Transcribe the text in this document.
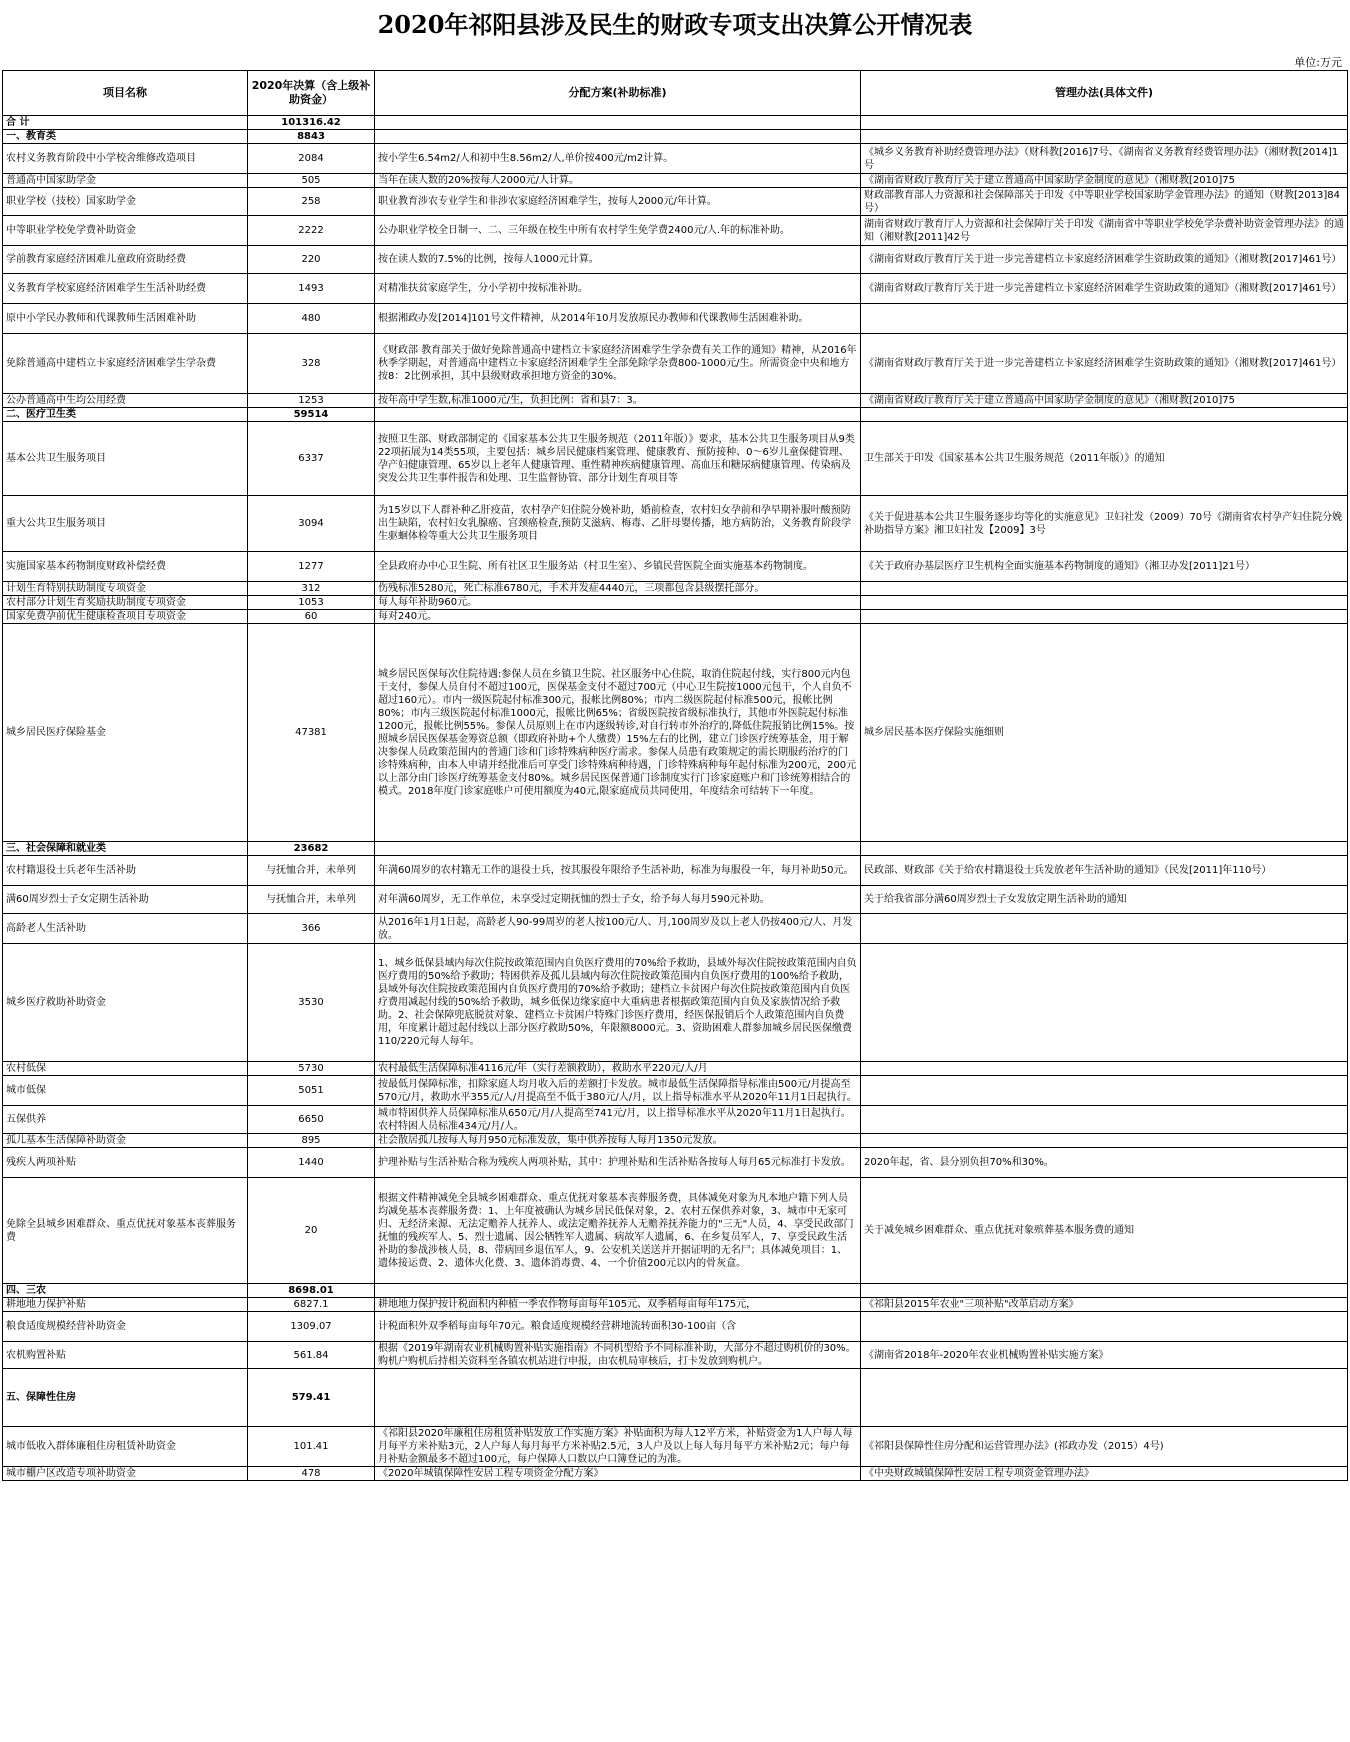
2020年祁阳县涉及民生的财政专项支出决算公开情况表
单位:万元
项目名称	2020年决算（含上级补助资金）	分配方案(补助标准)	管理办法(具体文件)
合 计	101316.42		
一、教育类	8843		
农村义务教育阶段中小学校舍维修改造项目	2084	按小学生6.54m2/人和初中生8.56m2/人,单价按400元/m2计算。	《城乡义务教育补助经费管理办法》（财科教[2016]7号、《湖南省义务教育经费管理办法》（湘财教[2014]1号
普通高中国家助学金	505	当年在读人数的20%按每人2000元/人计算。	《湖南省财政厅教育厅关于建立普通高中国家助学金制度的意见》（湘财教[2010]75
职业学校（技校）国家助学金	258	职业教育涉农专业学生和非涉农家庭经济困难学生，按每人2000元/年计算。	财政部教育部人力资源和社会保障部关于印发《中等职业学校国家助学金管理办法》的通知（财教[2013]84号）
中等职业学校免学费补助资金	2222	公办职业学校全日制一、二、三年级在校生中所有农村学生免学费2400元/人.年的标准补助。	湖南省财政厅教育厅人力资源和社会保障厅关于印发《湖南省中等职业学校免学杂费补助资金管理办法》的通知（湘财教[2011]42号
学前教育家庭经济困难儿童政府资助经费	220	按在读人数的7.5%的比例，按每人1000元计算。	《湖南省财政厅教育厅关于进一步完善建档立卡家庭经济困难学生资助政策的通知》（湘财教[2017]461号）
义务教育学校家庭经济困难学生生活补助经费	1493	对精准扶贫家庭学生，分小学初中按标准补助。	《湖南省财政厅教育厅关于进一步完善建档立卡家庭经济困难学生资助政策的通知》（湘财教[2017]461号）
原中小学民办教师和代课教师生活困难补助	480	根据湘政办发[2014]101号文件精神，从2014年10月发放原民办教师和代课教师生活困难补助。	
免除普通高中建档立卡家庭经济困难学生学杂费	328	《财政部 教育部关于做好免除普通高中建档立卡家庭经济困难学生学杂费有关工作的通知》精神，从2016年秋季学期起，对普通高中建档立卡家庭经济困难学生全部免除学杂费800-1000元/生。所需资金中央和地方按8：2比例承担，其中县级财政承担地方资金的30%。	《湖南省财政厅教育厅关于进一步完善建档立卡家庭经济困难学生资助政策的通知》（湘财教[2017]461号）
公办普通高中生均公用经费	1253	按年高中学生数,标准1000元/生，负担比例：省和县7：3。	《湖南省财政厅教育厅关于建立普通高中国家助学金制度的意见》（湘财教[2010]75
二、医疗卫生类	59514		
基本公共卫生服务项目	6337	按照卫生部、财政部制定的《国家基本公共卫生服务规范（2011年版）》要求，基本公共卫生服务项目从9类22项拓展为14类55项，主要包括：城乡居民健康档案管理、健康教育、预防接种、0～6岁儿童保健管理、孕产妇健康管理、65岁以上老年人健康管理、重性精神疾病健康管理、高血压和糖尿病健康管理、传染病及突发公共卫生事件报告和处理、卫生监督协管、部分计划生育项目等	卫生部关于印发《国家基本公共卫生服务规范（2011年版）》的通知
重大公共卫生服务项目	3094	为15岁以下人群补种乙肝疫苗，农村孕产妇住院分娩补助，婚前检查，农村妇女孕前和孕早期补服叶酸预防出生缺陷，农村妇女乳腺癌、宫颈癌检查,预防艾滋病、梅毒、乙肝母婴传播，地方病防治，义务教育阶段学生驱蛔体检等重大公共卫生服务项目	《关于促进基本公共卫生服务逐步均等化的实施意见》卫妇社发（2009）70号《湖南省农村孕产妇住院分娩补助指导方案》湘卫妇社发【2009】3号
实施国家基本药物制度财政补偿经费	1277	全县政府办中心卫生院、所有社区卫生服务站（村卫生室）、乡镇民营医院全面实施基本药物制度。	《关于政府办基层医疗卫生机构全面实施基本药物制度的通知》（湘卫办发[2011]21号）
计划生育特别扶助制度专项资金	312	伤残标准5280元，死亡标准6780元，手术并发症4440元，三项都包含县级摆托部分。	
农村部分计划生育奖励扶助制度专项资金	1053	每人每年补助960元。	
国家免费孕前优生健康检查项目专项资金	60	每对240元。	
城乡居民医疗保险基金	47381	城乡居民医保每次住院待遇:参保人员在乡镇卫生院、社区服务中心住院，取消住院起付线，实行800元内包干支付，参保人员自付不超过100元，医保基金支付不超过700元（中心卫生院按1000元包干，个人自负不超过160元）。市内一级医院起付标准300元，报帐比例80%；市内二级医院起付标准500元，报帐比例80%；市内三级医院起付标准1000元，报帐比例65%；省级医院按省级标准执行，其他市外医院起付标准1200元，报帐比例55%。参保人员原则上在市内逐级转诊,对自行转市外治疗的,降低住院报销比例15%。按照城乡居民医保基金筹资总额（即政府补助+个人缴费）15%左右的比例，建立门诊医疗统筹基金，用于解决参保人员政策范围内的普通门诊和门诊特殊病种医疗需求。参保人员患有政策规定的需长期服药治疗的门诊特殊病种，由本人申请并经批准后可享受门诊特殊病种待遇，门诊特殊病种每年起付标准为200元，200元以上部分由门诊医疗统筹基金支付80%。城乡居民医保普通门诊制度实行门诊家庭账户和门诊统筹相结合的模式。2018年度门诊家庭账户可使用额度为40元,限家庭成员共同使用，年度结余可结转下一年度。	城乡居民基本医疗保险实施细则
三、社会保障和就业类	23682		
农村籍退役士兵老年生活补助	与抚恤合并，未单列	年满60周岁的农村籍无工作的退役士兵，按其服役年限给予生活补助，标准为每服役一年，每月补助50元。	民政部、财政部《关于给农村籍退役士兵发放老年生活补助的通知》（民发[2011]年110号）
满60周岁烈士子女定期生活补助	与抚恤合并，未单列	对年满60周岁，无工作单位，未享受过定期抚恤的烈士子女，给予每人每月590元补助。	关于给我省部分满60周岁烈士子女发放定期生活补助的通知
高龄老人生活补助	366	从2016年1月1日起，高龄老人90-99周岁的老人按100元/人、月,100周岁及以上老人仍按400元/人、月发放。	
城乡医疗救助补助资金	3530	1、城乡低保县域内每次住院按政策范围内自负医疗费用的70%给予救助，县域外每次住院按政策范围内自负医疗费用的50%给予救助；特困供养及孤儿县域内每次住院按政策范围内自负医疗费用的100%给予救助，县域外每次住院按政策范围内自负医疗费用的70%给予救助；建档立卡贫困户每次住院按政策范围内自负医疗费用减起付线的50%给予救助，城乡低保边缘家庭中大重病患者根据政策范围内自负及家族情况给予救助。2、社会保障兜底脱贫对象、建档立卡贫困户特殊门诊医疗费用，经医保报销后个人政策范围内自负费用，年度累计超过起付线以上部分医疗救助50%，年限额8000元。3、资助困难人群参加城乡居民医保缴费110/220元每人每年。	
农村低保	5730	农村最低生活保障标准4116元/年（实行差额救助），救助水平220元/人/月	
城市低保	5051	按最低月保障标准，扣除家庭人均月收入后的差额打卡发放。城市最低生活保障指导标准由500元/月提高至570元/月，救助水平355元/人/月提高至不低于380元/人/月，以上指导标准水平从2020年11月1日起执行。	
五保供养	6650	城市特困供养人员保障标准从650元/月/人提高至741元/月，以上指导标准水平从2020年11月1日起执行。农村特困人员标准434元/月/人。	
孤儿基本生活保障补助资金	895	社会散居孤儿按每人每月950元标准发放，集中供养按每人每月1350元发放。	
残疾人两项补贴	1440	护理补贴与生活补贴合称为残疾人两项补贴，其中：护理补贴和生活补贴各按每人每月65元标准打卡发放。	2020年起，省、县分别负担70%和30%。
免除全县城乡困难群众、重点优抚对象基本丧葬服务费	20	根据文件精神减免全县城乡困难群众、重点优抚对象基本丧葬服务费，具体减免对象为凡本地户籍下列人员均减免基本丧葬服务费：1、上年度被确认为城乡居民低保对象，2、农村五保供养对象，3、城市中无家可归、无经济来源、无法定赡养人抚养人、或法定赡养抚养人无赡养抚养能力的"三无"人员，4、享受民政部门抚恤的残疾军人、5、烈士遗属、因公牺牲军人遗属、病故军人遗属，6、在乡复员军人，7、享受民政生活补助的参战涉核人员，8、带病回乡退伍军人，9、公安机关送送并开据证明的无名尸；具体减免项目：1、遗体接运费、2、遗体火化费、3、遗体消毒费、4、一个价值200元以内的骨灰盒。	关于减免城乡困难群众、重点优抚对象殡葬基本服务费的通知
四、三农	8698.01		
耕地地力保护补贴	6827.1	耕地地力保护按计税面积内种植一季农作物每亩每年105元、双季稻每亩每年175元，	《祁阳县2015年农业"三项补贴"改革启动方案》
粮食适度规模经营补助资金	1309.07	计税面积外双季稻每亩每年70元。粮食适度规模经营耕地流转面积30-100亩（含	
农机购置补贴	561.84	根据《2019年湖南农业机械购置补贴实施指南》不同机型给予不同标准补助，大部分不超过购机价的30%。购机户购机后持相关资料至各镇农机站进行申报，由农机局审核后，打卡发放到购机户。	《湖南省2018年-2020年农业机械购置补贴实施方案》
五、保障性住房	579.41		
城市低收入群体廉租住房租赁补助资金	101.41	《祁阳县2020年廉租住房租赁补贴发放工作实施方案》补贴面积为每人12平方米，补贴资金为1人户每人每月每平方米补贴3元，2人户每人每月每平方米补贴2.5元，3人户及以上每人每月每平方米补贴2元；每户每月补贴金额最多不超过100元，每户保障人口数以户口簿登记的为准。	《祁阳县保障性住房分配和运营管理办法》(祁政办发（2015）4号)
城市棚户区改造专项补助资金	478	《2020年城镇保障性安居工程专项资金分配方案》	《中央财政城镇保障性安居工程专项资金管理办法》
